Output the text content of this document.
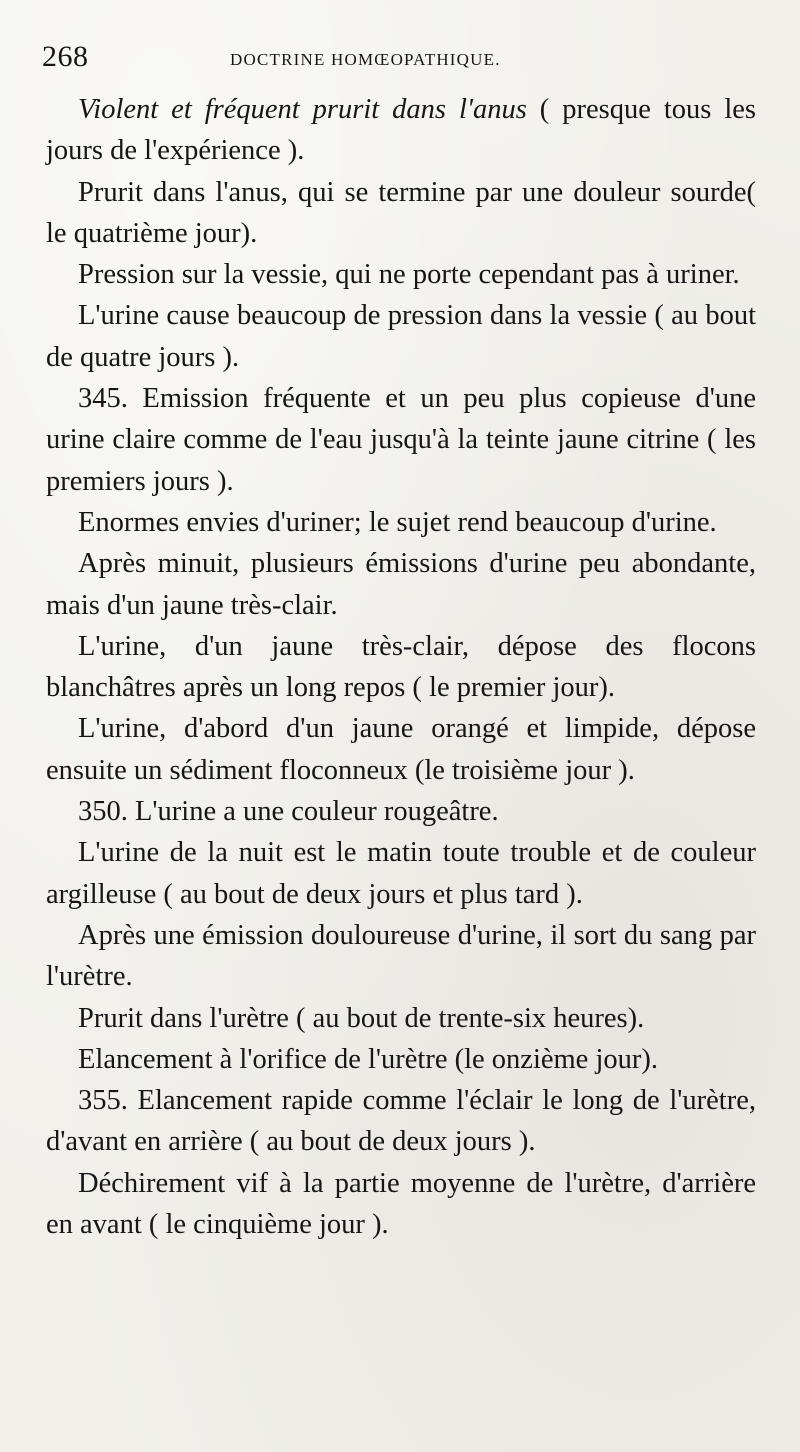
268	DOCTRINE HOMŒOPATHIQUE.

Violent et fréquent prurit dans l'anus ( presque tous les jours de l'expérience ).

Prurit dans l'anus, qui se termine par une douleur sourde( le quatrième jour).

Pression sur la vessie, qui ne porte cependant pas à uriner.

L'urine cause beaucoup de pression dans la vessie ( au bout de quatre jours ).

345. Emission fréquente et un peu plus copieuse d'une urine claire comme de l'eau jusqu'à la teinte jaune citrine ( les premiers jours ).

Enormes envies d'uriner; le sujet rend beaucoup d'urine.

Après minuit, plusieurs émissions d'urine peu abondante, mais d'un jaune très-clair.

L'urine, d'un jaune très-clair, dépose des flocons blanchâtres après un long repos ( le premier jour).

L'urine, d'abord d'un jaune orangé et limpide, dépose ensuite un sédiment floconneux (le troisième jour ).

350. L'urine a une couleur rougeâtre.

L'urine de la nuit est le matin toute trouble et de couleur argilleuse ( au bout de deux jours et plus tard ).

Après une émission douloureuse d'urine, il sort du sang par l'urètre.

Prurit dans l'urètre ( au bout de trente-six heures).

Elancement à l'orifice de l'urètre (le onzième jour).

355. Elancement rapide comme l'éclair le long de l'urètre, d'avant en arrière ( au bout de deux jours ).

Déchirement vif à la partie moyenne de l'urètre, d'arrière en avant ( le cinquième jour ).
